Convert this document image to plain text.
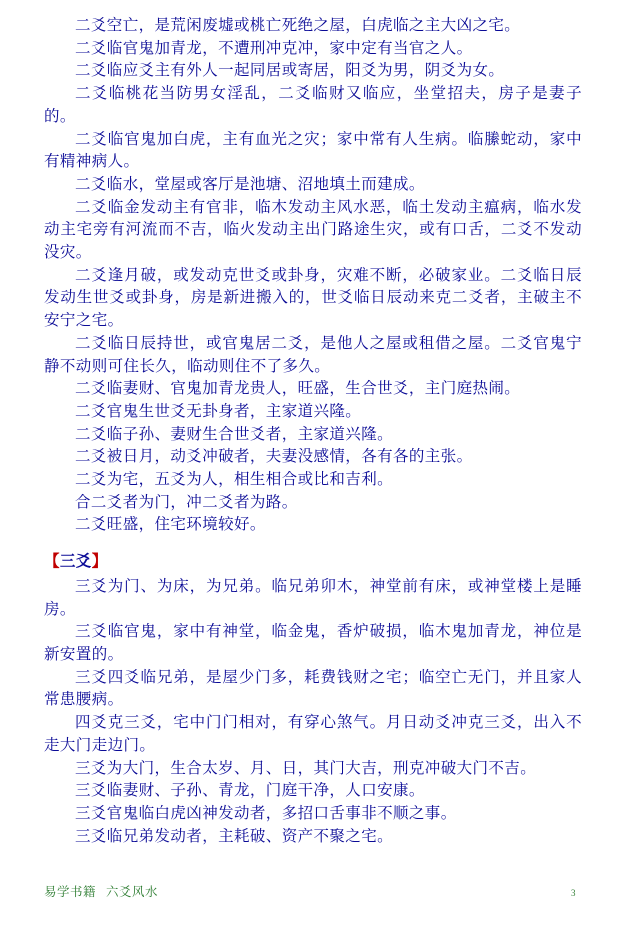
二爻空亡，是荒闲废墟或桃亡死绝之屋，白虎临之主大凶之宅。

二爻临官鬼加青龙，不遭刑冲克冲，家中定有当官之人。

二爻临应爻主有外人一起同居或寄居，阳爻为男，阴爻为女。

二爻临桃花当防男女淫乱，二爻临财又临应，坐堂招夫，房子是妻子的。

二爻临官鬼加白虎，主有血光之灾；家中常有人生病。临縢蛇动，家中有精神病人。

二爻临水，堂屋或客厅是池塘、沼地填土而建成。

二爻临金发动主有官非，临木发动主风水恶，临土发动主瘟病，临水发动主宅旁有河流而不吉，临火发动主出门路途生灾，或有口舌，二爻不发动没灾。

二爻逢月破，或发动克世爻或卦身，灾难不断，必破家业。二爻临日辰发动生世爻或卦身，房是新进搬入的，世爻临日辰动来克二爻者，主破主不安宁之宅。

二爻临日辰持世，或官鬼居二爻，是他人之屋或租借之屋。二爻官鬼宁静不动则可住长久，临动则住不了多久。

二爻临妻财、官鬼加青龙贵人，旺盛，生合世爻，主门庭热闹。

二爻官鬼生世爻无卦身者，主家道兴隆。

二爻临子孙、妻财生合世爻者，主家道兴隆。

二爻被日月，动爻冲破者，夫妻没感情，各有各的主张。

二爻为宅，五爻为人，相生相合或比和吉利。

合二爻者为门，冲二爻者为路。

二爻旺盛，住宅环境较好。

【三爻】

三爻为门、为床，为兄弟。临兄弟卯木，神堂前有床，或神堂楼上是睡房。

三爻临官鬼，家中有神堂，临金鬼，香炉破损，临木鬼加青龙，神位是新安置的。

三爻四爻临兄弟，是屋少门多，耗费钱财之宅；临空亡无门，并且家人常患腰病。

四爻克三爻，宅中门门相对，有穿心煞气。月日动爻冲克三爻，出入不走大门走边门。

三爻为大门，生合太岁、月、日，其门大吉，刑克冲破大门不吉。

三爻临妻财、子孙、青龙，门庭干净，人口安康。

三爻官鬼临白虎凶神发动者，多招口舌事非不顺之事。

三爻临兄弟发动者，主耗破、资产不聚之宅。

易学书籍 六爻风水	3
